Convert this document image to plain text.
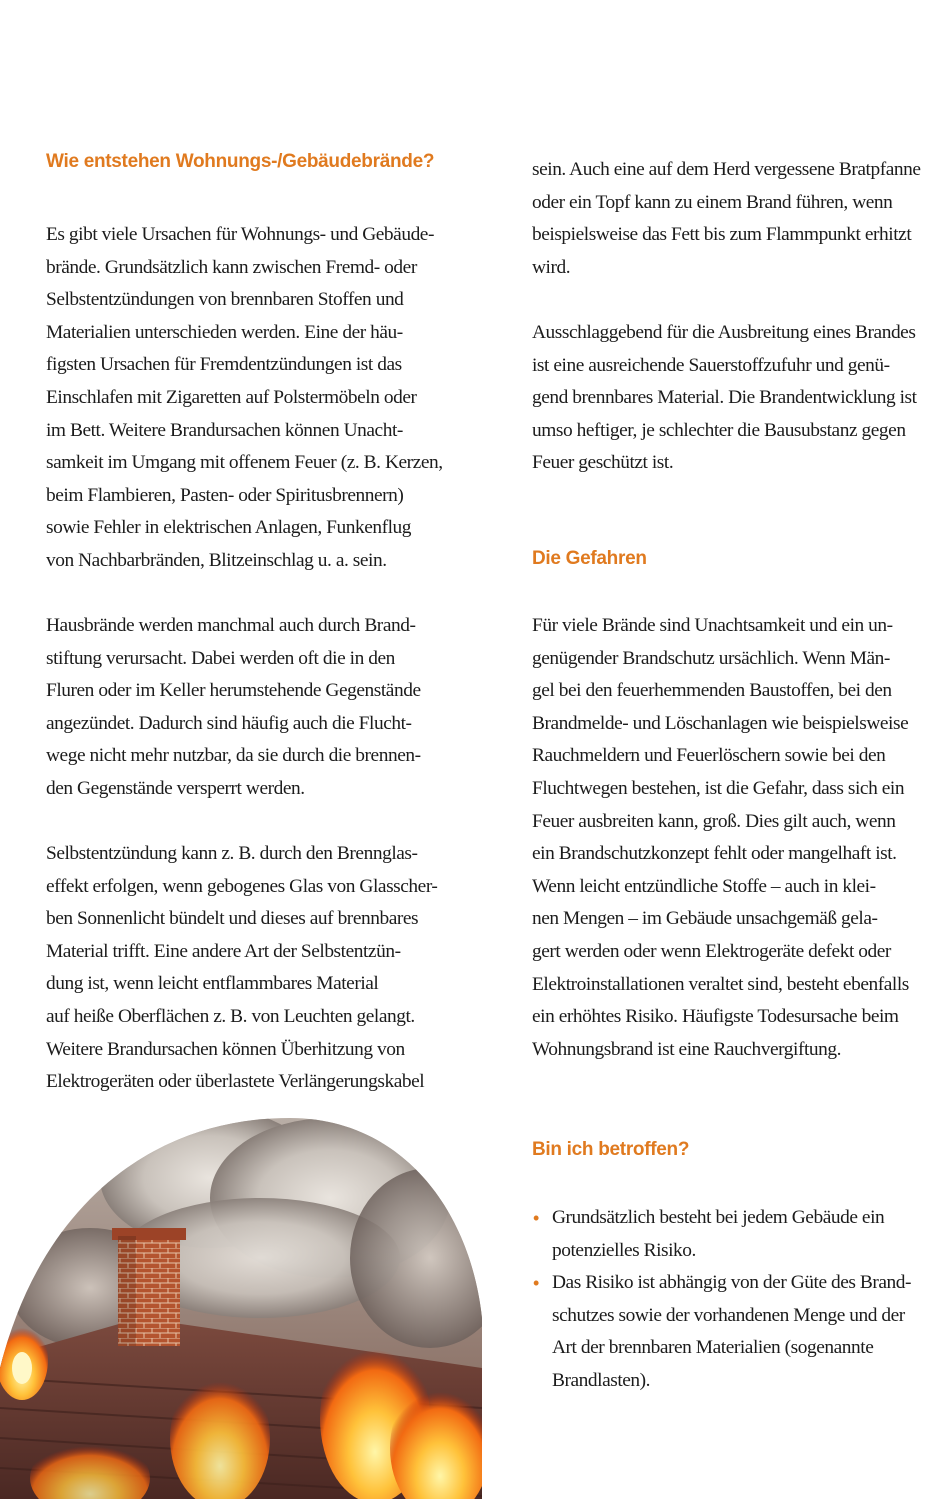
Wie entstehen Wohnungs-/Gebäudebrände?

Es gibt viele Ursachen für Wohnungs- und Gebäude-
brände. Grundsätzlich kann zwischen Fremd- oder
Selbstentzündungen von brennbaren Stoffen und
Materialien unterschieden werden. Eine der häu-
figsten Ursachen für Fremdentzündungen ist das
Einschlafen mit Zigaretten auf Polstermöbeln oder
im Bett. Weitere Brandursachen können Unacht-
samkeit im Umgang mit offenem Feuer (z. B. Kerzen,
beim Flambieren, Pasten- oder Spiritusbrennern)
sowie Fehler in elektrischen Anlagen, Funkenflug
von Nachbarbränden, Blitzeinschlag u. a. sein.

Hausbrände werden manchmal auch durch Brand-
stiftung verursacht. Dabei werden oft die in den
Fluren oder im Keller herumstehende Gegenstände
angezündet. Dadurch sind häufig auch die Flucht-
wege nicht mehr nutzbar, da sie durch die brennen-
den Gegenstände versperrt werden.

Selbstentzündung kann z. B. durch den Brennglas-
effekt erfolgen, wenn gebogenes Glas von Glasscher-
ben Sonnenlicht bündelt und dieses auf brennbares
Material trifft. Eine andere Art der Selbstentzün-
dung ist, wenn leicht entflammbares Material
auf heiße Oberflächen z. B. von Leuchten gelangt.
Weitere Brandursachen können Überhitzung von
Elektrogeräten oder überlastete Verlängerungskabel

sein. Auch eine auf dem Herd vergessene Bratpfanne
oder ein Topf kann zu einem Brand führen, wenn
beispielsweise das Fett bis zum Flammpunkt erhitzt
wird.

Ausschlaggebend für die Ausbreitung eines Brandes
ist eine ausreichende Sauerstoffzufuhr und genü-
gend brennbares Material. Die Brandentwicklung ist
umso heftiger, je schlechter die Bausubstanz gegen
Feuer geschützt ist.

Die Gefahren

Für viele Brände sind Unachtsamkeit und ein un-
genügender Brandschutz ursächlich. Wenn Män-
gel bei den feuerhemmenden Baustoffen, bei den
Brandmelde- und Löschanlagen wie beispielsweise
Rauchmeldern und Feuerlöschern sowie bei den
Fluchtwegen bestehen, ist die Gefahr, dass sich ein
Feuer ausbreiten kann, groß. Dies gilt auch, wenn
ein Brandschutzkonzept fehlt oder mangelhaft ist.
Wenn leicht entzündliche Stoffe – auch in klei-
nen Mengen – im Gebäude unsachgemäß gela-
gert werden oder wenn Elektrogeräte defekt oder
Elektroinstallationen veraltet sind, besteht ebenfalls
ein erhöhtes Risiko. Häufigste Todesursache beim
Wohnungsbrand ist eine Rauchvergiftung.

Bin ich betroffen?
• Grundsätzlich besteht bei jedem Gebäude ein
potenzielles Risiko.
• Das Risiko ist abhängig von der Güte des Brand-
schutzes sowie der vorhandenen Menge und der
Art der brennbaren Materialien (sogenannte
Brandlasten).
